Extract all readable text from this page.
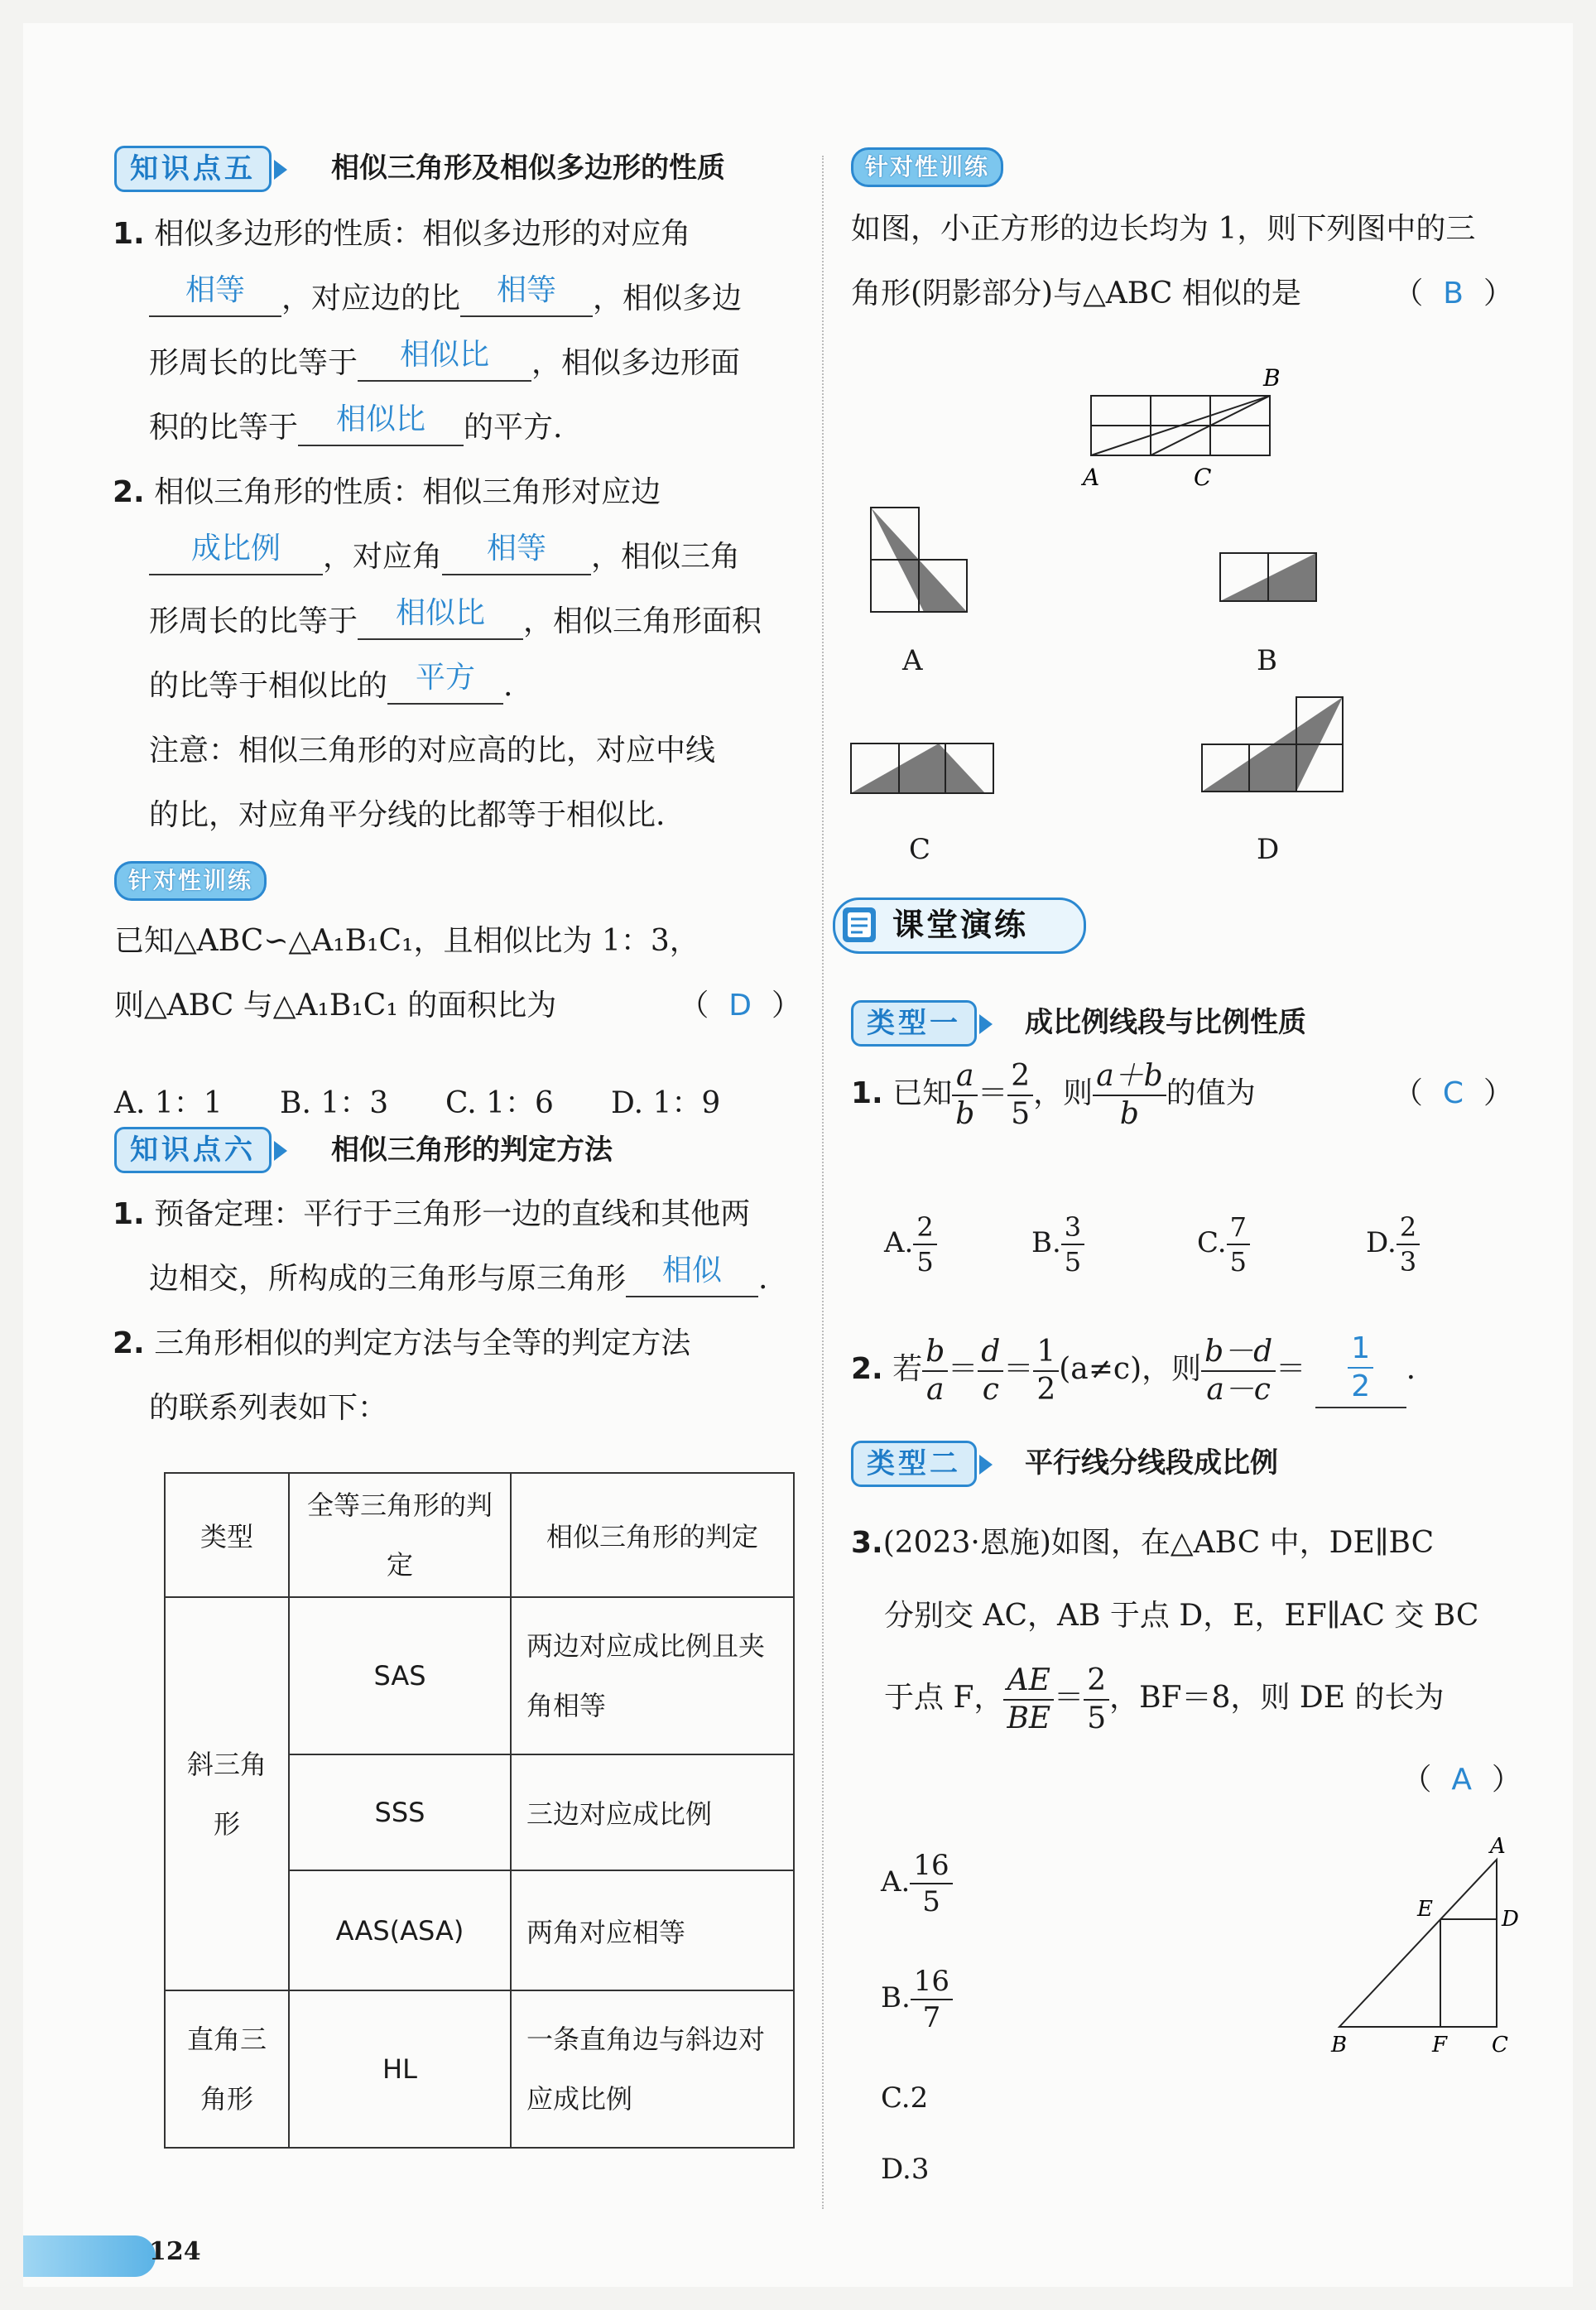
知识点五	相似三角形及相似多边形的性质
1. 相似多边形的性质：相似多边形的对应角
相等 ，对应边的比 相等 ，相似多边
形周长的比等于 相似比 ，相似多边形面
积的比等于 相似比 的平方.
2. 相似三角形的性质：相似三角形对应边
成比例 ，对应角 相等 ，相似三角
形周长的比等于 相似比 ，相似三角形面积
的比等于相似比的 平方 .
注意：相似三角形的对应高的比，对应中线
的比，对应角平分线的比都等于相似比.
针对性训练
已知△ABC∽△A₁B₁C₁，且相似比为 1：3，
则△ABC 与△A₁B₁C₁ 的面积比为	（ D ）
A. 1：1 B. 1：3 C. 1：6 D. 1：9
知识点六	相似三角形的判定方法
1. 预备定理：平行于三角形一边的直线和其他两
边相交，所构成的三角形与原三角形 相似 .
2. 三角形相似的判定方法与全等的判定方法
的联系列表如下：
类型	全等三角形的判定	相似三角形的判定
斜三角形	SAS	两边对应成比例且夹角相等
	SSS	三边对应成比例
	AAS(ASA)	两角对应相等
直角三角形	HL	一条直角边与斜边对应成比例
针对性训练
如图，小正方形的边长均为 1，则下列图中的三
角形(阴影部分)与△ABC 相似的是	（ B ）
B
A	C
A	B
C	D
课堂演练
类型一	成比例线段与比例性质
1. 已知 $\frac{a}{b} = \frac{2}{5}$ ，则 $\frac{a+b}{b}$ 的值为	（ C ）
A. $\frac{2}{5}$	B. $\frac{3}{5}$	C. $\frac{7}{5}$	D. $\frac{2}{3}$
2. 若 $\frac{b}{a} = \frac{d}{c} = \frac{1}{2} (a\ne c)$，则 $\frac{b-d}{a-c} = \frac{1}{2}$ .
类型二	平行线分线段成比例
3.(2023·恩施)如图，在△ABC 中，DE∥BC
分别交 AC，AB 于点 D，E，EF∥AC 交 BC
于点 F， $\frac{AE}{BE} = \frac{2}{5}$ ，BF＝8，则 DE 的长为
（ A ）
A. $\frac{16}{5}$
B. $\frac{16}{7}$
C.2
D.3
A
D
E
B	F C
124
